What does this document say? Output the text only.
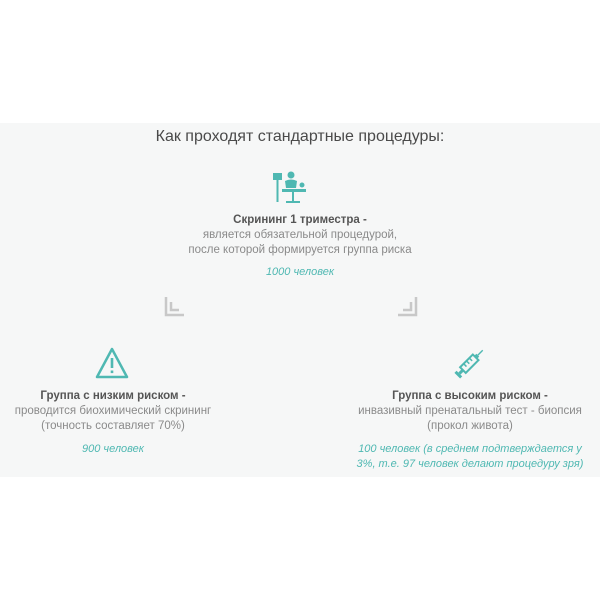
Как проходят стандартные процедуры:
Скрининг 1 триместра -
является обязательной процедурой,
после которой формируется группа риска
1000 человек
Группа с низким риском -
проводится биохимический скрининг
(точность составляет 70%)
900 человек
Группа с высоким риском -
инвазивный пренатальный тест - биопсия
(прокол живота)
100 человек (в среднем подтверждается у
3%, т.е. 97 человек делают процедуру зря)
